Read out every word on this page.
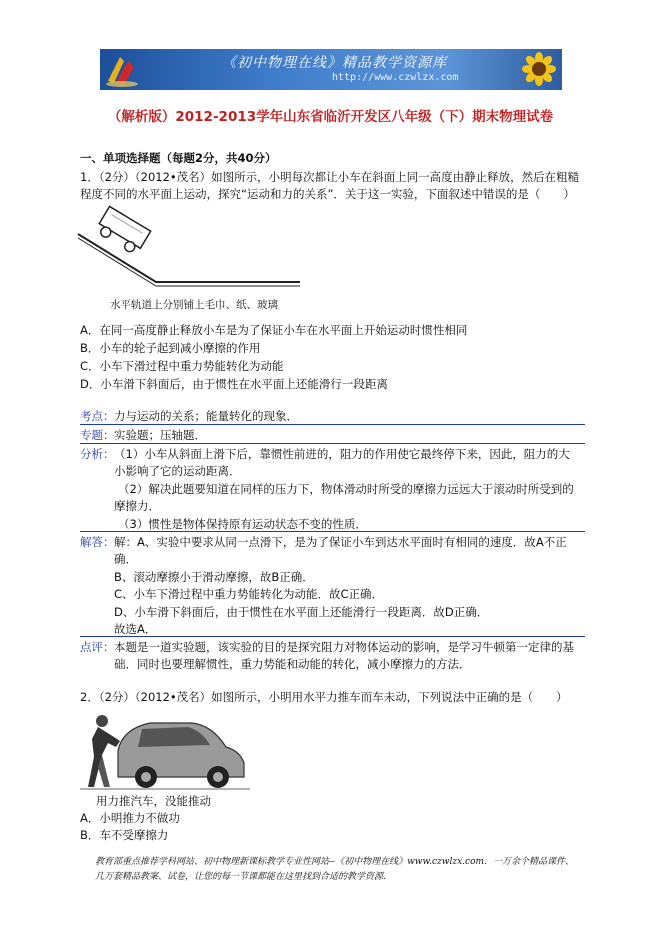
《初中物理在线》精品教学资源库
http://www.czwlzx.com
（解析版）2012-2013学年山东省临沂开发区八年级（下）期末物理试卷
一、单项选择题（每题2分，共40分）
1．（2分）（2012•茂名）如图所示，小明每次都让小车在斜面上同一高度由静止释放，然后在粗糙
程度不同的水平面上运动，探究“运动和力的关系”．关于这一实验，下面叙述中错误的是（　　）
水平轨道上分别铺上毛巾、纸、玻璃
A．在同一高度静止释放小车是为了保证小车在水平面上开始运动时惯性相同
B．小车的轮子起到减小摩擦的作用
C．小车下滑过程中重力势能转化为动能
D．小车滑下斜面后，由于惯性在水平面上还能滑行一段距离
考点： 力与运动的关系；能量转化的现象．
专题： 实验题；压轴题．
分析： （1）小车从斜面上滑下后，靠惯性前进的，阻力的作用使它最终停下来，因此，阻力的大
小影响了它的运动距离．
（2）解决此题要知道在同样的压力下，物体滑动时所受的摩擦力远远大于滚动时所受到的
摩擦力．
（3）惯性是物体保持原有运动状态不变的性质．
解答： 解：A、实验中要求从同一点滑下，是为了保证小车到达水平面时有相同的速度．故A不正
确．
B、滚动摩擦小于滑动摩擦，故B正确．
C、小车下滑过程中重力势能转化为动能．故C正确．
D、小车滑下斜面后，由于惯性在水平面上还能滑行一段距离．故D正确．
故选A．
点评： 本题是一道实验题，该实验的目的是探究阻力对物体运动的影响，是学习牛顿第一定律的基
础．同时也要理解惯性，重力势能和动能的转化，减小摩擦力的方法．
2．（2分）（2012•茂名）如图所示，小明用水平力推车而车未动，下列说法中正确的是（　　）
用力推汽车，没能推动
A．小明推力不做功
B．车不受摩擦力
教育部重点推荐学科网站、初中物理新课标教学专业性网站--《初中物理在线》www.czwlzx.com．一万余个精品课件、
几万套精品教案、试卷，让您的每一节课都能在这里找到合适的教学资源．
